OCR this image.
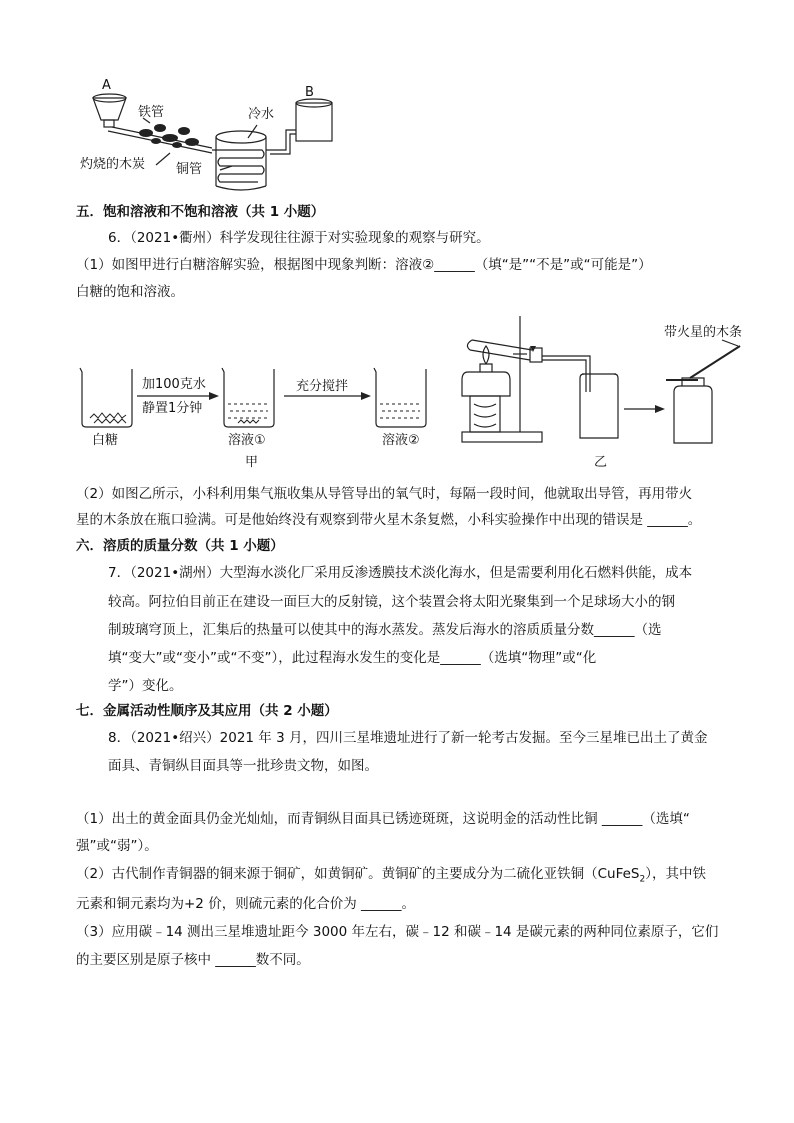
A	B
铁管	冷水
灼烧的木炭 铜管
五．饱和溶液和不饱和溶液（共 1 小题）
6．（2021•衢州）科学发现往往源于对实验现象的观察与研究。
（1）如图甲进行白糖溶解实验，根据图中现象判断：溶液②______（填“是”“不是”或“可能是”）
白糖的饱和溶液。
白糖
加100克水
静置1分钟
溶液①
充分搅拌
溶液②
甲
带火星的木条
乙
（2）如图乙所示，小科利用集气瓶收集从导管导出的氧气时，每隔一段时间，他就取出导管，再用带火
星的木条放在瓶口验满。可是他始终没有观察到带火星木条复燃，小科实验操作中出现的错误是 ______。
六．溶质的质量分数（共 1 小题）
7．（2021•湖州）大型海水淡化厂采用反渗透膜技术淡化海水，但是需要利用化石燃料供能，成本
较高。阿拉伯目前正在建设一面巨大的反射镜，这个装置会将太阳光聚集到一个足球场大小的钢
制玻璃穹顶上，汇集后的热量可以使其中的海水蒸发。蒸发后海水的溶质质量分数______（选
填“变大”或“变小”或“不变”），此过程海水发生的变化是______（选填“物理”或“化
学”）变化。
七．金属活动性顺序及其应用（共 2 小题）
8．（2021•绍兴）2021 年 3 月，四川三星堆遗址进行了新一轮考古发掘。至今三星堆已出土了黄金
面具、青铜纵目面具等一批珍贵文物，如图。
（1）出土的黄金面具仍金光灿灿，而青铜纵目面具已锈迹斑斑，这说明金的活动性比铜 ______（选填“
强”或“弱”）。
（2）古代制作青铜器的铜来源于铜矿，如黄铜矿。黄铜矿的主要成分为二硫化亚铁铜（CuFeS$_2$），其中铁
元素和铜元素均为+2 价，则硫元素的化合价为 ______。
（3）应用碳﹣14 测出三星堆遗址距今 3000 年左右，碳﹣12 和碳﹣14 是碳元素的两种同位素原子，它们
的主要区别是原子核中 ______数不同。
